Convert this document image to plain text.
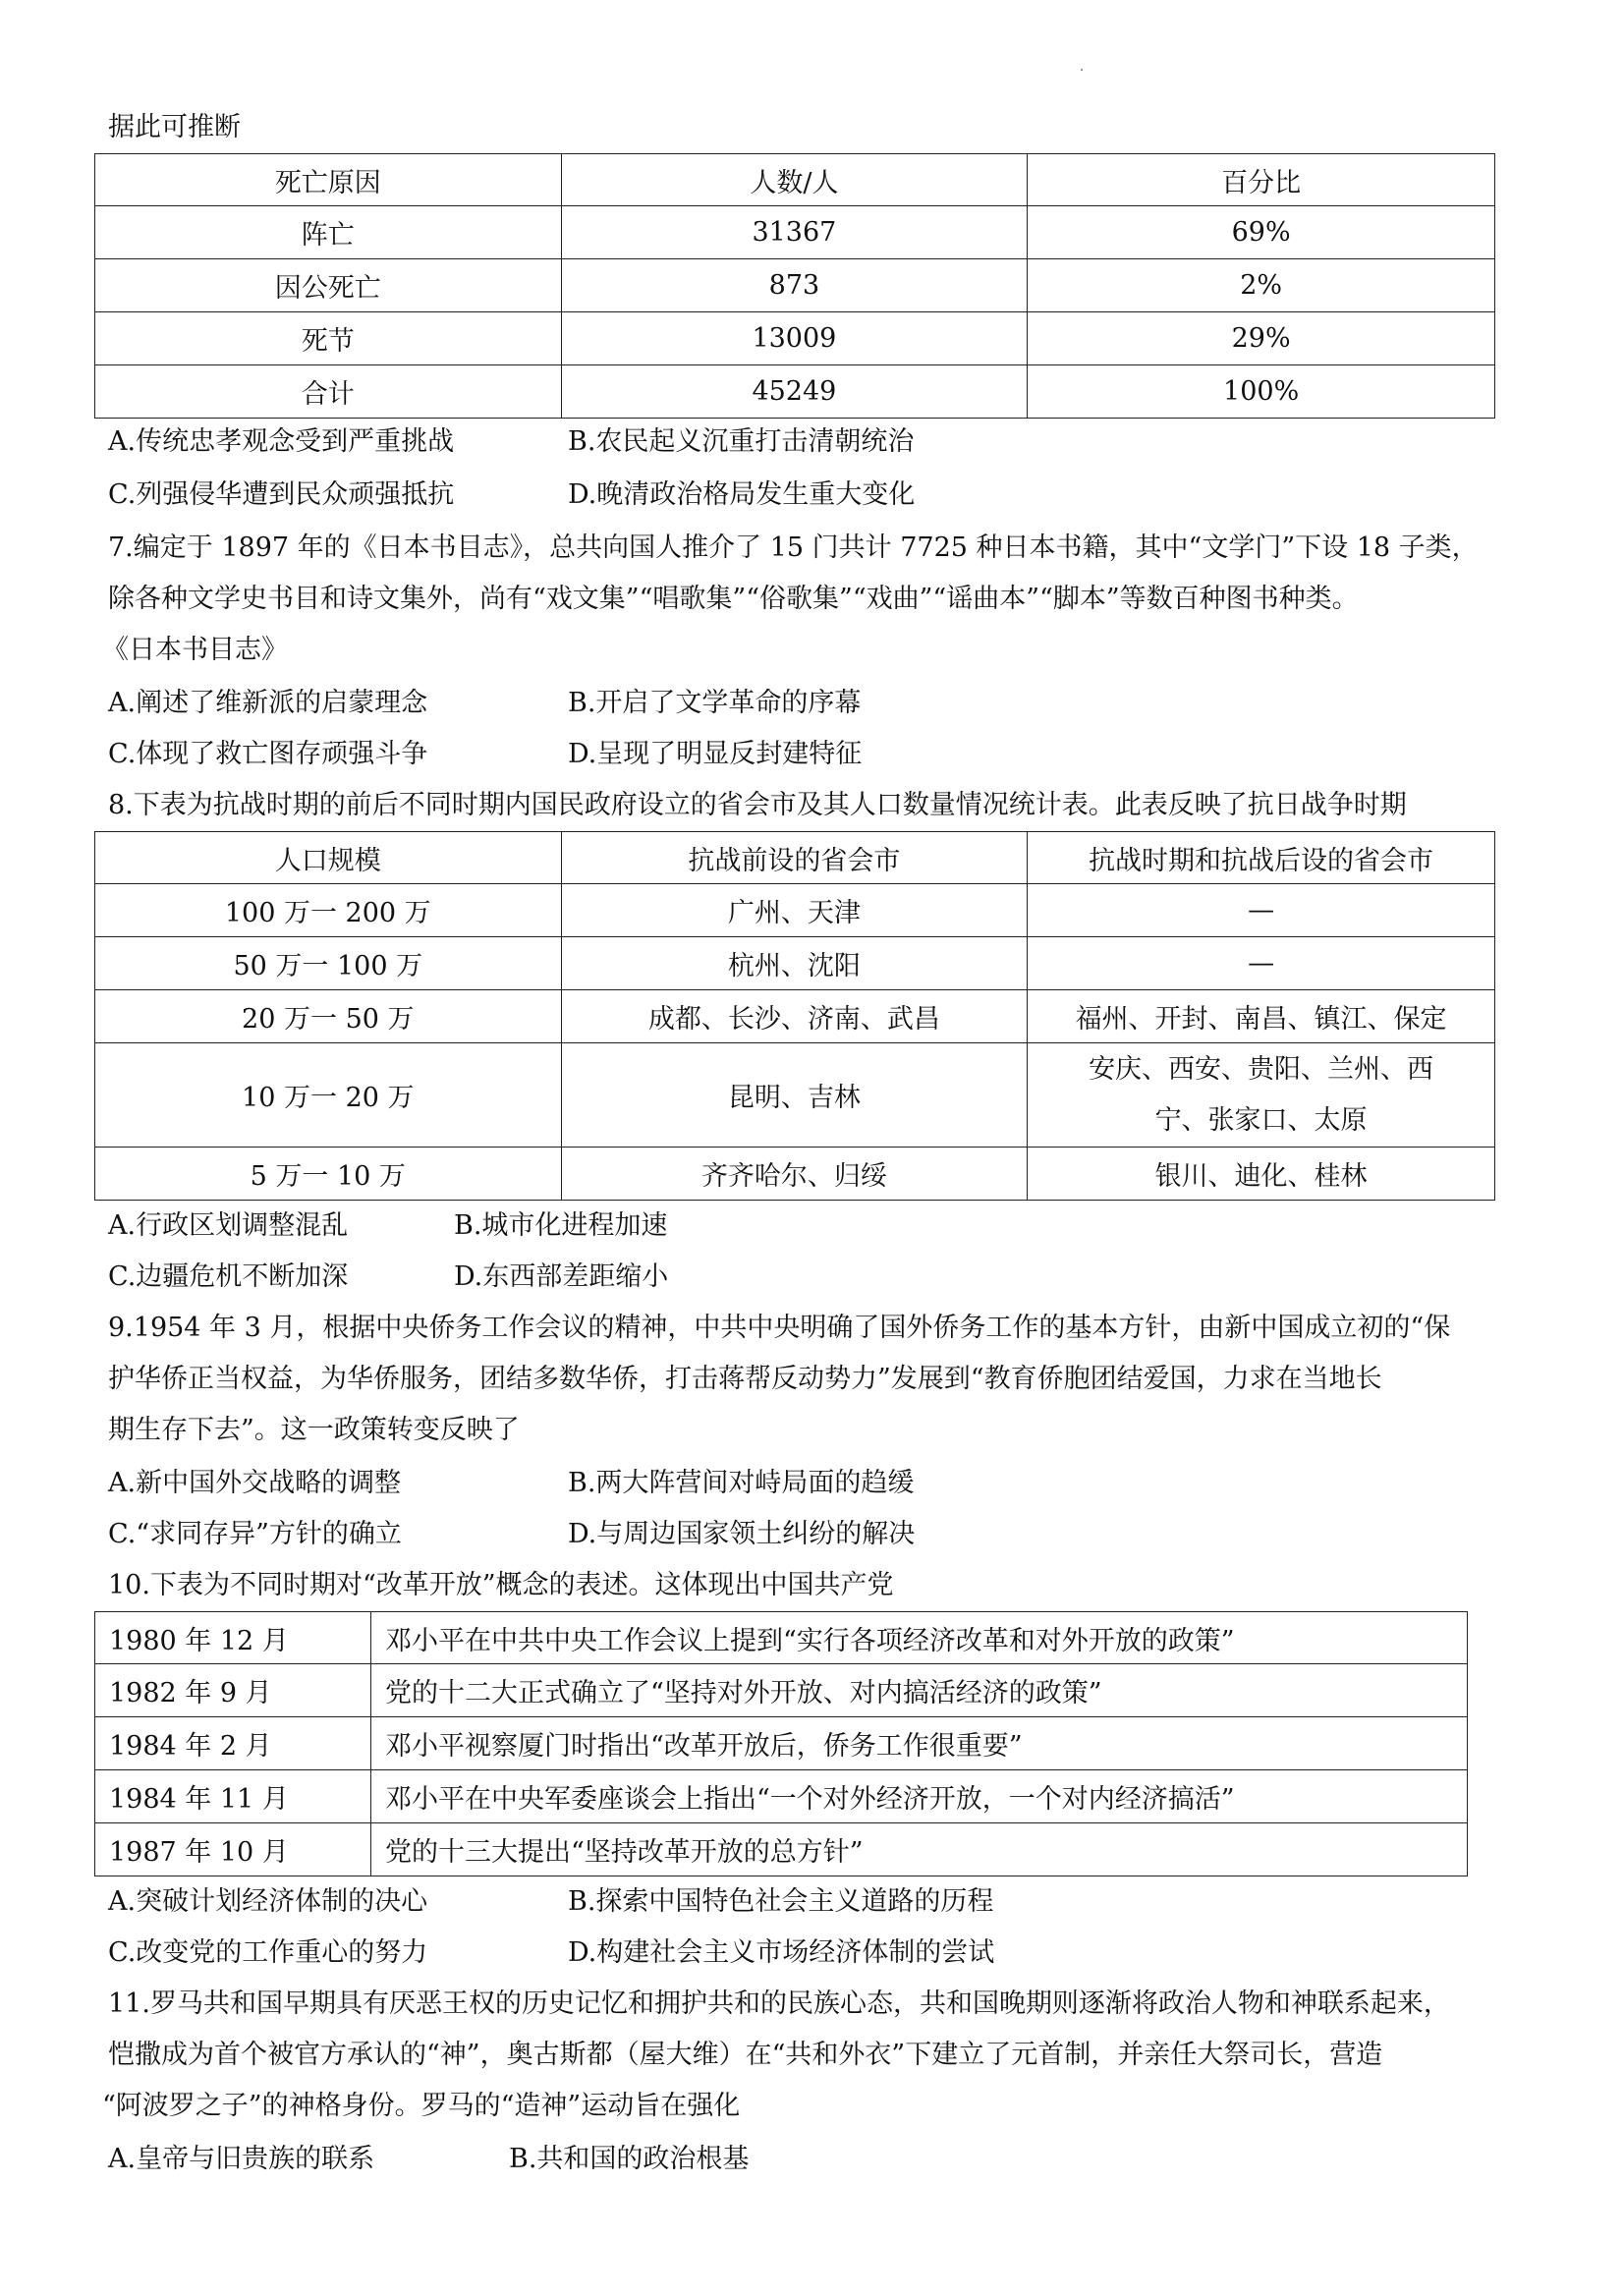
据此可推断
死亡原因	人数/人	百分比
阵亡	31367	69%
因公死亡	873	2%
死节	13009	29%
合计	45249	100%
A.传统忠孝观念受到严重挑战	B.农民起义沉重打击清朝统治
C.列强侵华遭到民众顽强抵抗	D.晚清政治格局发生重大变化
7.编定于 1897 年的《日本书目志》，总共向国人推介了 15 门共计 7725 种日本书籍，其中“文学门”下设 18 子类，
除各种文学史书目和诗文集外，尚有“戏文集”“唱歌集”“俗歌集”“戏曲”“谣曲本”“脚本”等数百种图书种类。
《日本书目志》
A.阐述了维新派的启蒙理念	B.开启了文学革命的序幕
C.体现了救亡图存顽强斗争	D.呈现了明显反封建特征
8.下表为抗战时期的前后不同时期内国民政府设立的省会市及其人口数量情况统计表。此表反映了抗日战争时期
人口规模	抗战前设的省会市	抗战时期和抗战后设的省会市
100 万一 200 万	广州、天津	—
50 万一 100 万	杭州、沈阳	—
20 万一 50 万	成都、长沙、济南、武昌	福州、开封、南昌、镇江、保定
10 万一 20 万	昆明、吉林	安庆、西安、贵阳、兰州、西宁、张家口、太原
5 万一 10 万	齐齐哈尔、归绥	银川、迪化、桂林
A.行政区划调整混乱	B.城市化进程加速
C.边疆危机不断加深	D.东西部差距缩小
9.1954 年 3 月，根据中央侨务工作会议的精神，中共中央明确了国外侨务工作的基本方针，由新中国成立初的“保
护华侨正当权益，为华侨服务，团结多数华侨，打击蒋帮反动势力”发展到“教育侨胞团结爱国，力求在当地长
期生存下去”。这一政策转变反映了
A.新中国外交战略的调整	B.两大阵营间对峙局面的趋缓
C.“求同存异”方针的确立	D.与周边国家领土纠纷的解决
10.下表为不同时期对“改革开放”概念的表述。这体现出中国共产党
1980 年 12 月	邓小平在中共中央工作会议上提到“实行各项经济改革和对外开放的政策”
1982 年 9 月	党的十二大正式确立了“坚持对外开放、对内搞活经济的政策”
1984 年 2 月	邓小平视察厦门时指出“改革开放后，侨务工作很重要”
1984 年 11 月	邓小平在中央军委座谈会上指出“一个对外经济开放，一个对内经济搞活”
1987 年 10 月	党的十三大提出“坚持改革开放的总方针”
A.突破计划经济体制的决心	B.探索中国特色社会主义道路的历程
C.改变党的工作重心的努力	D.构建社会主义市场经济体制的尝试
11.罗马共和国早期具有厌恶王权的历史记忆和拥护共和的民族心态，共和国晚期则逐渐将政治人物和神联系起来，
恺撒成为首个被官方承认的“神”，奥古斯都（屋大维）在“共和外衣”下建立了元首制，并亲任大祭司长，营造
“阿波罗之子”的神格身份。罗马的“造神”运动旨在强化
A.皇帝与旧贵族的联系	B.共和国的政治根基
